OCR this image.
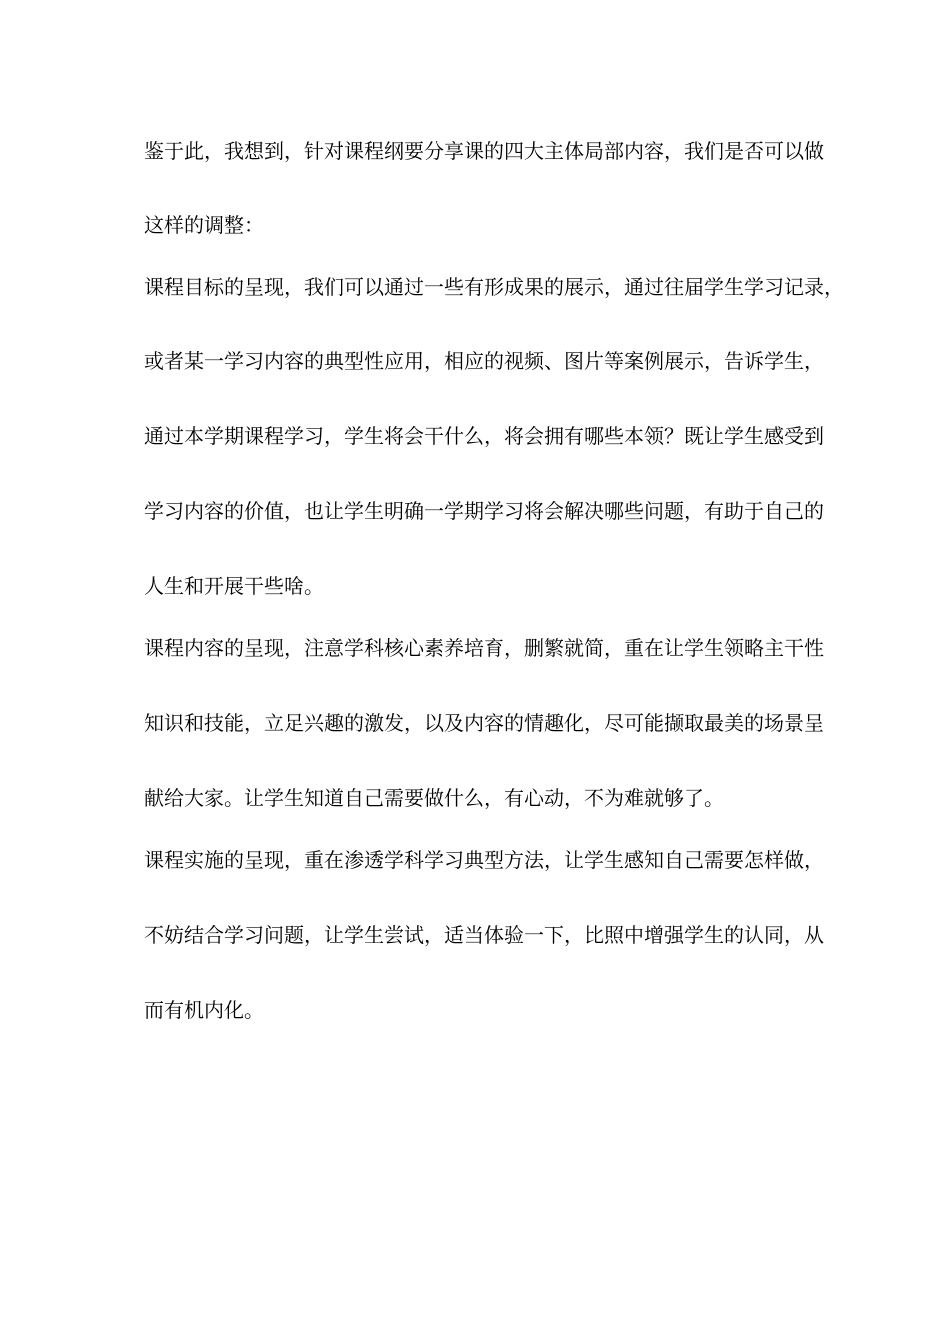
鉴于此，我想到，针对课程纲要分享课的四大主体局部内容，我们是否可以做
这样的调整：
课程目标的呈现，我们可以通过一些有形成果的展示，通过往届学生学习记录，
或者某一学习内容的典型性应用，相应的视频、图片等案例展示，告诉学生，
通过本学期课程学习，学生将会干什么，将会拥有哪些本领？既让学生感受到
学习内容的价值，也让学生明确一学期学习将会解决哪些问题，有助于自己的
人生和开展干些啥。
课程内容的呈现，注意学科核心素养培育，删繁就简，重在让学生领略主干性
知识和技能，立足兴趣的激发，以及内容的情趣化，尽可能撷取最美的场景呈
献给大家。让学生知道自己需要做什么，有心动，不为难就够了。
课程实施的呈现，重在渗透学科学习典型方法，让学生感知自己需要怎样做，
不妨结合学习问题，让学生尝试，适当体验一下，比照中增强学生的认同，从
而有机内化。
